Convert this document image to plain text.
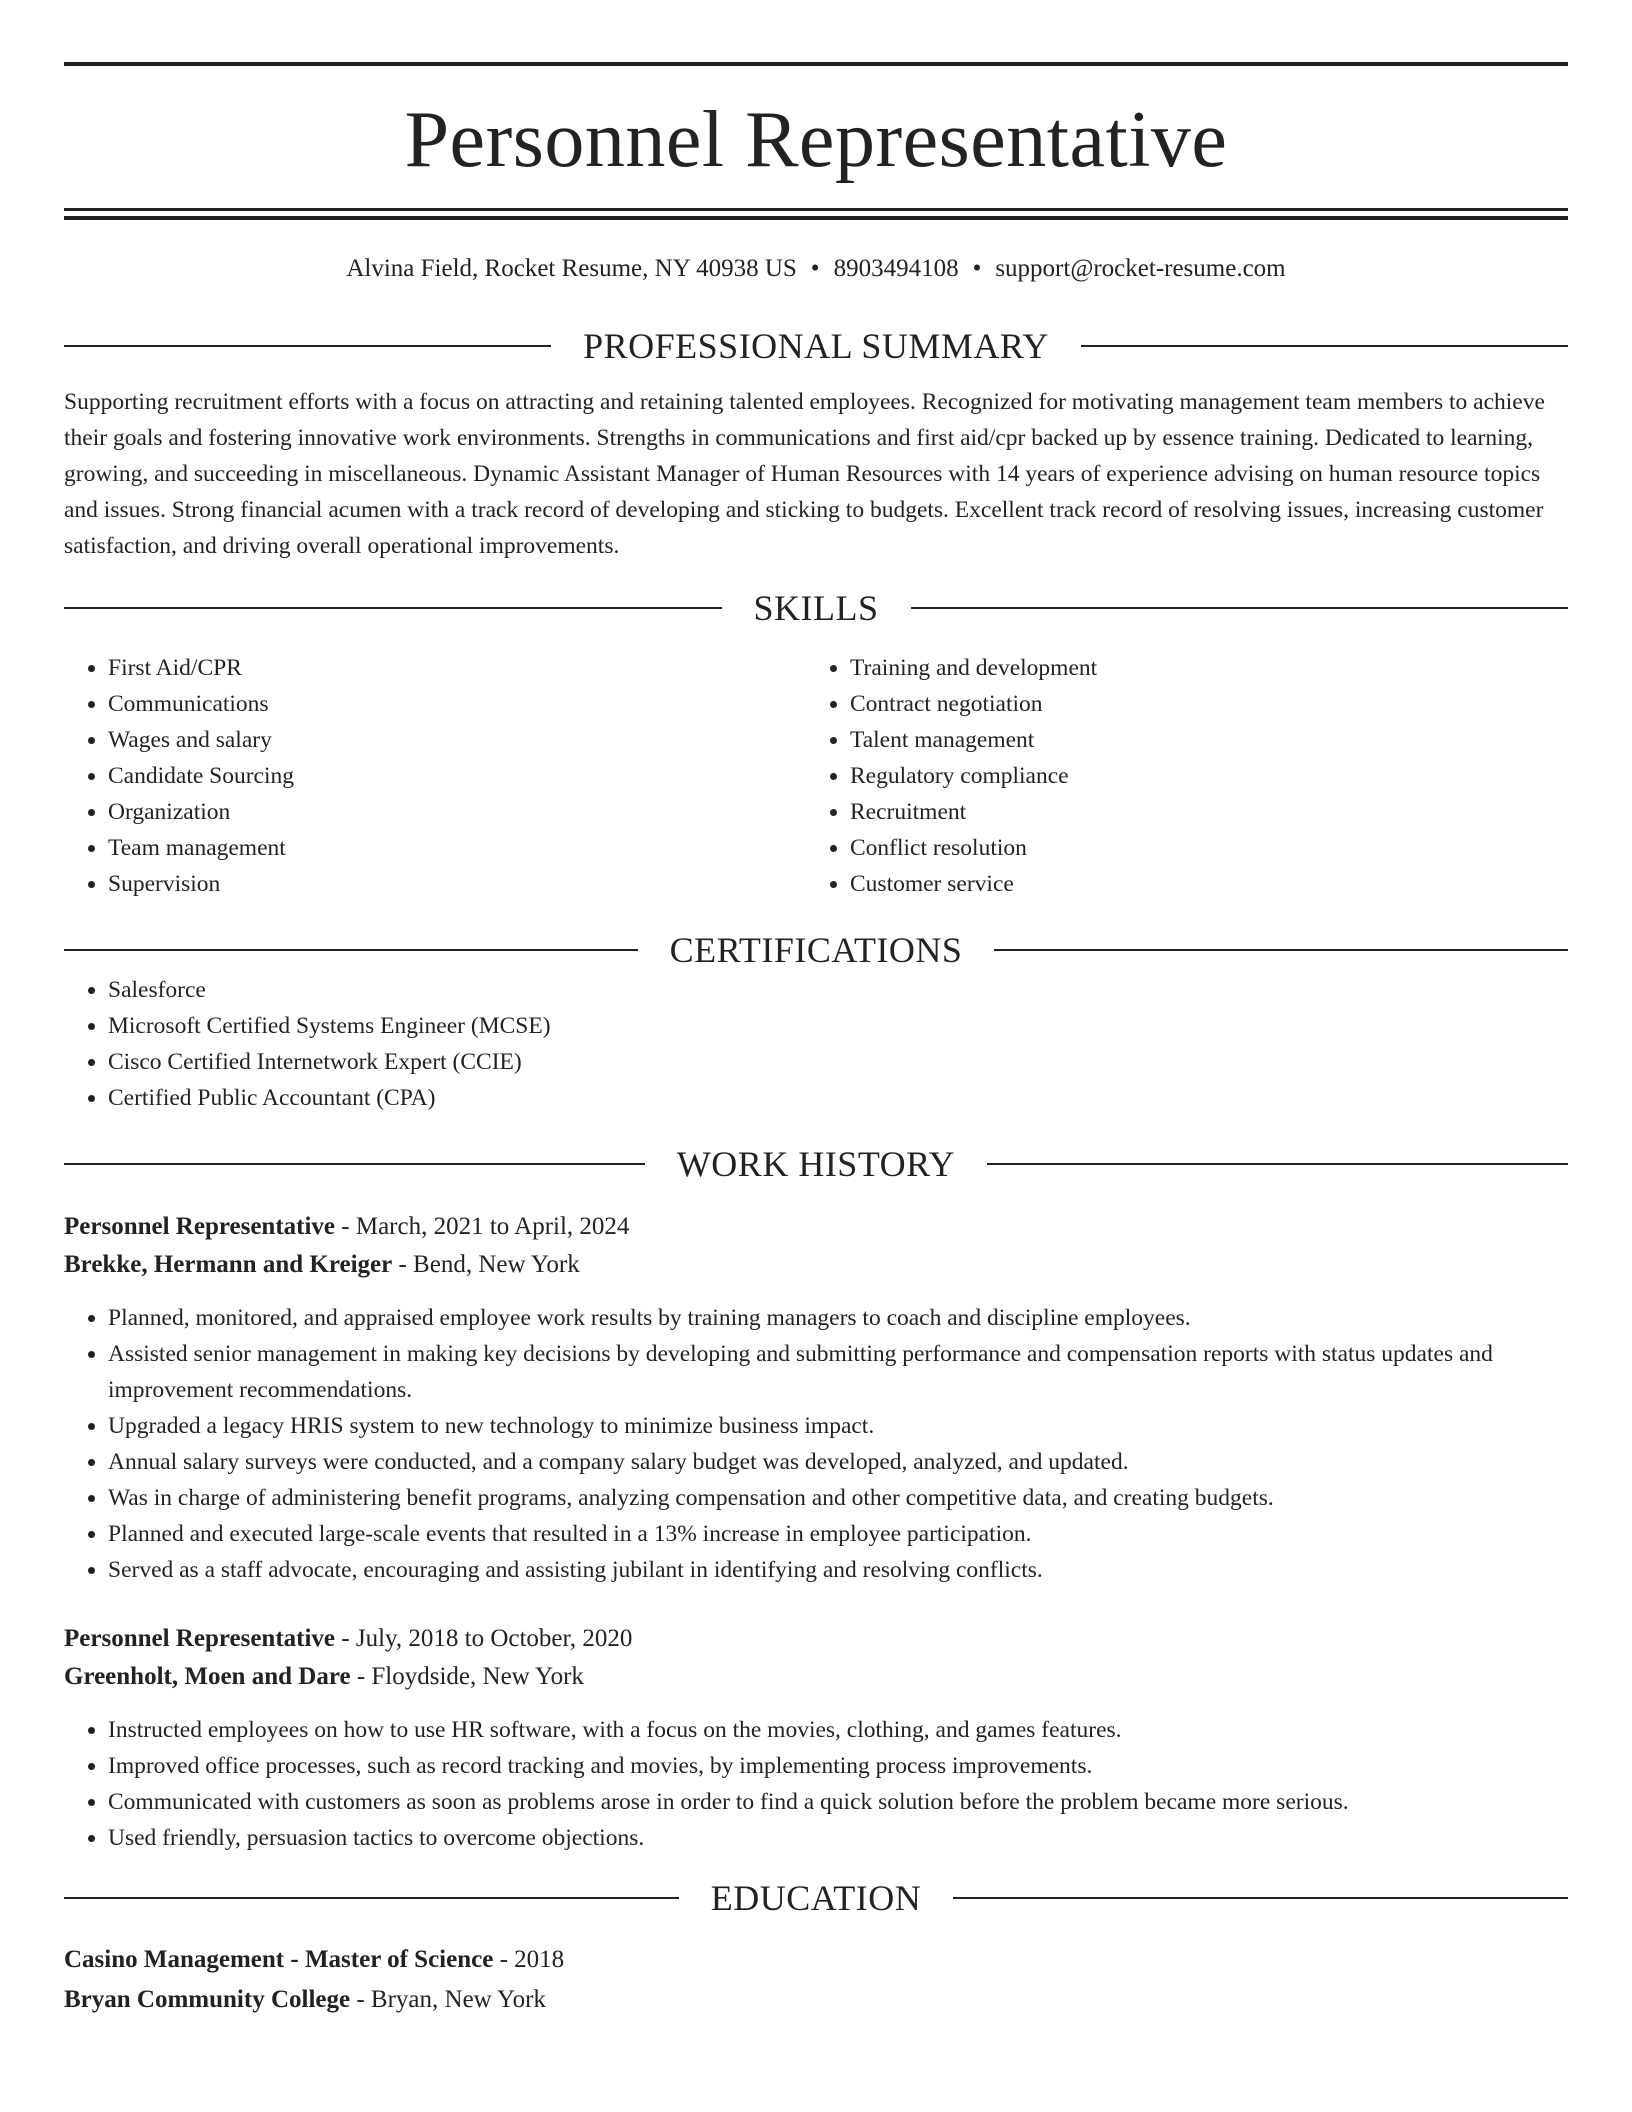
Personnel Representative
Alvina Field, Rocket Resume, NY 40938 US • 8903494108 • support@rocket-resume.com
PROFESSIONAL SUMMARY
Supporting recruitment efforts with a focus on attracting and retaining talented employees. Recognized for motivating management team members to achieve their goals and fostering innovative work environments. Strengths in communications and first aid/cpr backed up by essence training. Dedicated to learning, growing, and succeeding in miscellaneous. Dynamic Assistant Manager of Human Resources with 14 years of experience advising on human resource topics and issues. Strong financial acumen with a track record of developing and sticking to budgets. Excellent track record of resolving issues, increasing customer satisfaction, and driving overall operational improvements.
SKILLS
• First Aid/CPR
• Communications
• Wages and salary
• Candidate Sourcing
• Organization
• Team management
• Supervision
• Training and development
• Contract negotiation
• Talent management
• Regulatory compliance
• Recruitment
• Conflict resolution
• Customer service
CERTIFICATIONS
• Salesforce
• Microsoft Certified Systems Engineer (MCSE)
• Cisco Certified Internetwork Expert (CCIE)
• Certified Public Accountant (CPA)
WORK HISTORY
Personnel Representative - March, 2021 to April, 2024
Brekke, Hermann and Kreiger - Bend, New York
• Planned, monitored, and appraised employee work results by training managers to coach and discipline employees.
• Assisted senior management in making key decisions by developing and submitting performance and compensation reports with status updates and improvement recommendations.
• Upgraded a legacy HRIS system to new technology to minimize business impact.
• Annual salary surveys were conducted, and a company salary budget was developed, analyzed, and updated.
• Was in charge of administering benefit programs, analyzing compensation and other competitive data, and creating budgets.
• Planned and executed large-scale events that resulted in a 13% increase in employee participation.
• Served as a staff advocate, encouraging and assisting jubilant in identifying and resolving conflicts.
Personnel Representative - July, 2018 to October, 2020
Greenholt, Moen and Dare - Floydside, New York
• Instructed employees on how to use HR software, with a focus on the movies, clothing, and games features.
• Improved office processes, such as record tracking and movies, by implementing process improvements.
• Communicated with customers as soon as problems arose in order to find a quick solution before the problem became more serious.
• Used friendly, persuasion tactics to overcome objections.
EDUCATION
Casino Management - Master of Science - 2018
Bryan Community College - Bryan, New York
